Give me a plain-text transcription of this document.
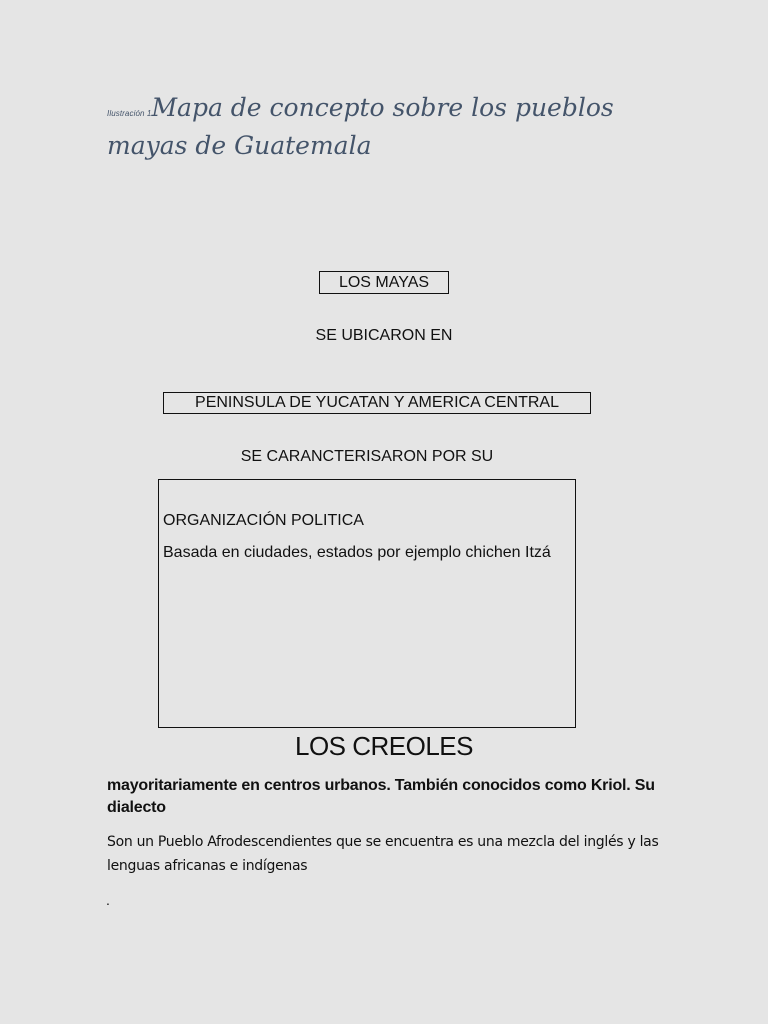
Ilustración 1Mapa de concepto sobre los pueblos mayas de Guatemala
LOS MAYAS
SE UBICARON EN
PENINSULA DE YUCATAN Y AMERICA CENTRAL
SE CARANCTERISARON POR SU

ORGANIZACIÓN POLITICA

Basada en ciudades, estados por ejemplo chichen Itzá

LOS CREOLES
mayoritariamente en centros urbanos. También conocidos como Kriol. Su dialecto
Son un Pueblo Afrodescendientes que se encuentra es una mezcla del inglés y las lenguas africanas e indígenas
.
